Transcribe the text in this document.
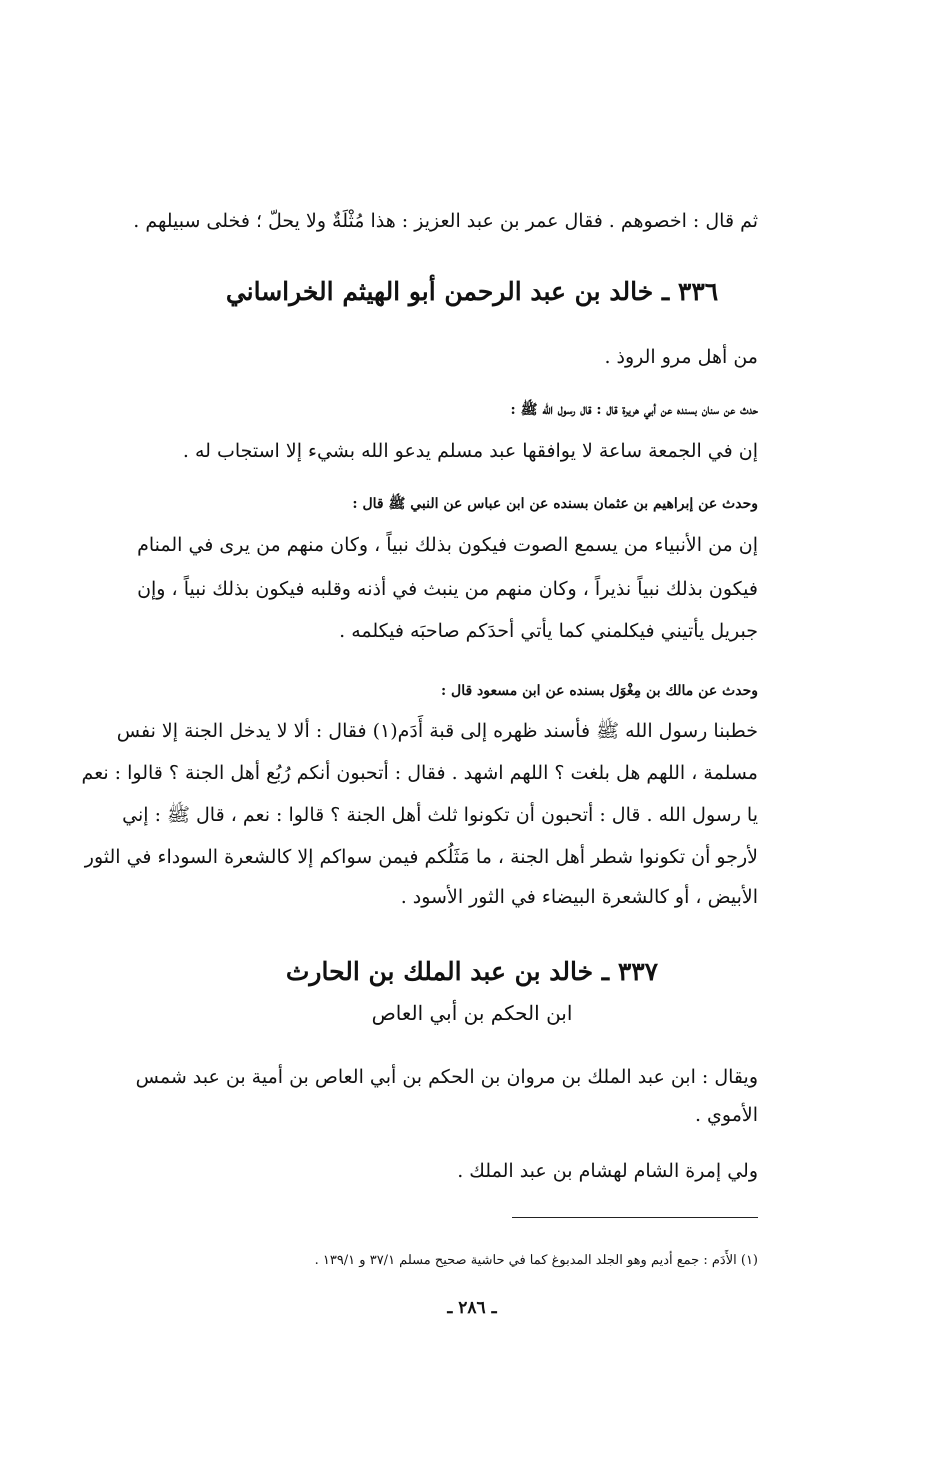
ثم قال : اخصوهم . فقال عمر بن عبد العزيز : هذا مُثْلَةٌ ولا يحلّ ؛ فخلى سبيلهم .
٣٣٦ ـ خالد بن عبد الرحمن أبو الهيثم الخراساني
من أهل مرو الروذ .
حدث عن سنان بسنده عن أبي هريرة قال : قال رسول الله ﷺ :
إن في الجمعة ساعة لا يوافقها عبد مسلم يدعو الله بشيء إلا استجاب له .
وحدث عن إبراهيم بن عثمان بسنده عن ابن عباس عن النبي ﷺ قال :
إن من الأنبياء من يسمع الصوت فيكون بذلك نبياً ، وكان منهم من يرى في المنام
فيكون بذلك نبياً نذيراً ، وكان منهم من ينبث في أذنه وقلبه فيكون بذلك نبياً ، وإن
جبريل يأتيني فيكلمني كما يأتي أحدَكم صاحبَه فيكلمه .
وحدث عن مالك بن مِغْوَل بسنده عن ابن مسعود قال :
خطبنا رسول الله ﷺ فأسند ظهره إلى قبة أَدَم(١) فقال : ألا لا يدخل الجنة إلا نفس
مسلمة ، اللهم هل بلغت ؟ اللهم اشهد . فقال : أتحبون أنكم رُبُع أهل الجنة ؟ قالوا : نعم
يا رسول الله . قال : أتحبون أن تكونوا ثلث أهل الجنة ؟ قالوا : نعم ، قال ﷺ : إني
لأرجو أن تكونوا شطر أهل الجنة ، ما مَثَلُكم فيمن سواكم إلا كالشعرة السوداء في الثور
الأبيض ، أو كالشعرة البيضاء في الثور الأسود .
٣٣٧ ـ خالد بن عبد الملك بن الحارث
ابن الحكم بن أبي العاص
ويقال : ابن عبد الملك بن مروان بن الحكم بن أبي العاص بن أمية بن عبد شمس
الأموي .
ولي إمرة الشام لهشام بن عبد الملك .
(١) الأَدَم : جمع أديم وهو الجلد المدبوغ كما في حاشية صحيح مسلم ٣٧/١ و ١٣٩/١ .
ـ ٢٨٦ ـ
